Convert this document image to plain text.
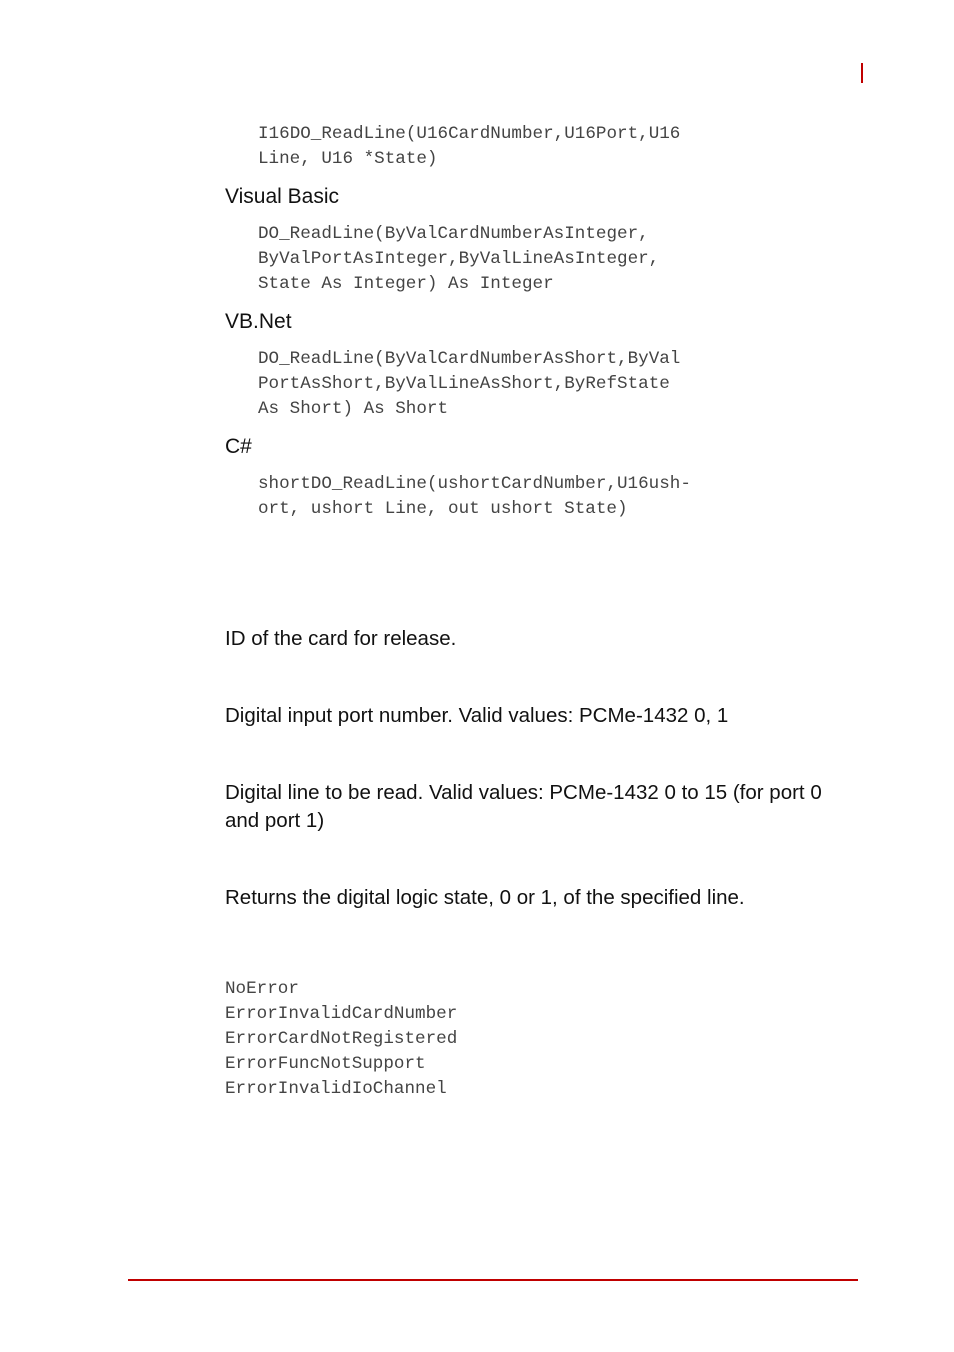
I16DO_ReadLine(U16CardNumber,U16Port,U16
Line, U16 *State)

Visual Basic

DO_ReadLine(ByValCardNumberAsInteger,
ByValPortAsInteger,ByValLineAsInteger,
State As Integer) As Integer

VB.Net

DO_ReadLine(ByValCardNumberAsShort,ByVal
PortAsShort,ByValLineAsShort,ByRefState
As Short) As Short

C#

shortDO_ReadLine(ushortCardNumber,U16ush-
ort, ushort Line, out ushort State)

ID of the card for release.

Digital input port number. Valid values: PCMe-1432 0, 1

Digital line to be read. Valid values: PCMe-1432 0 to 15 (for port 0 and port 1)

Returns the digital logic state, 0 or 1, of the specified line.

NoError
ErrorInvalidCardNumber
ErrorCardNotRegistered
ErrorFuncNotSupport
ErrorInvalidIoChannel
